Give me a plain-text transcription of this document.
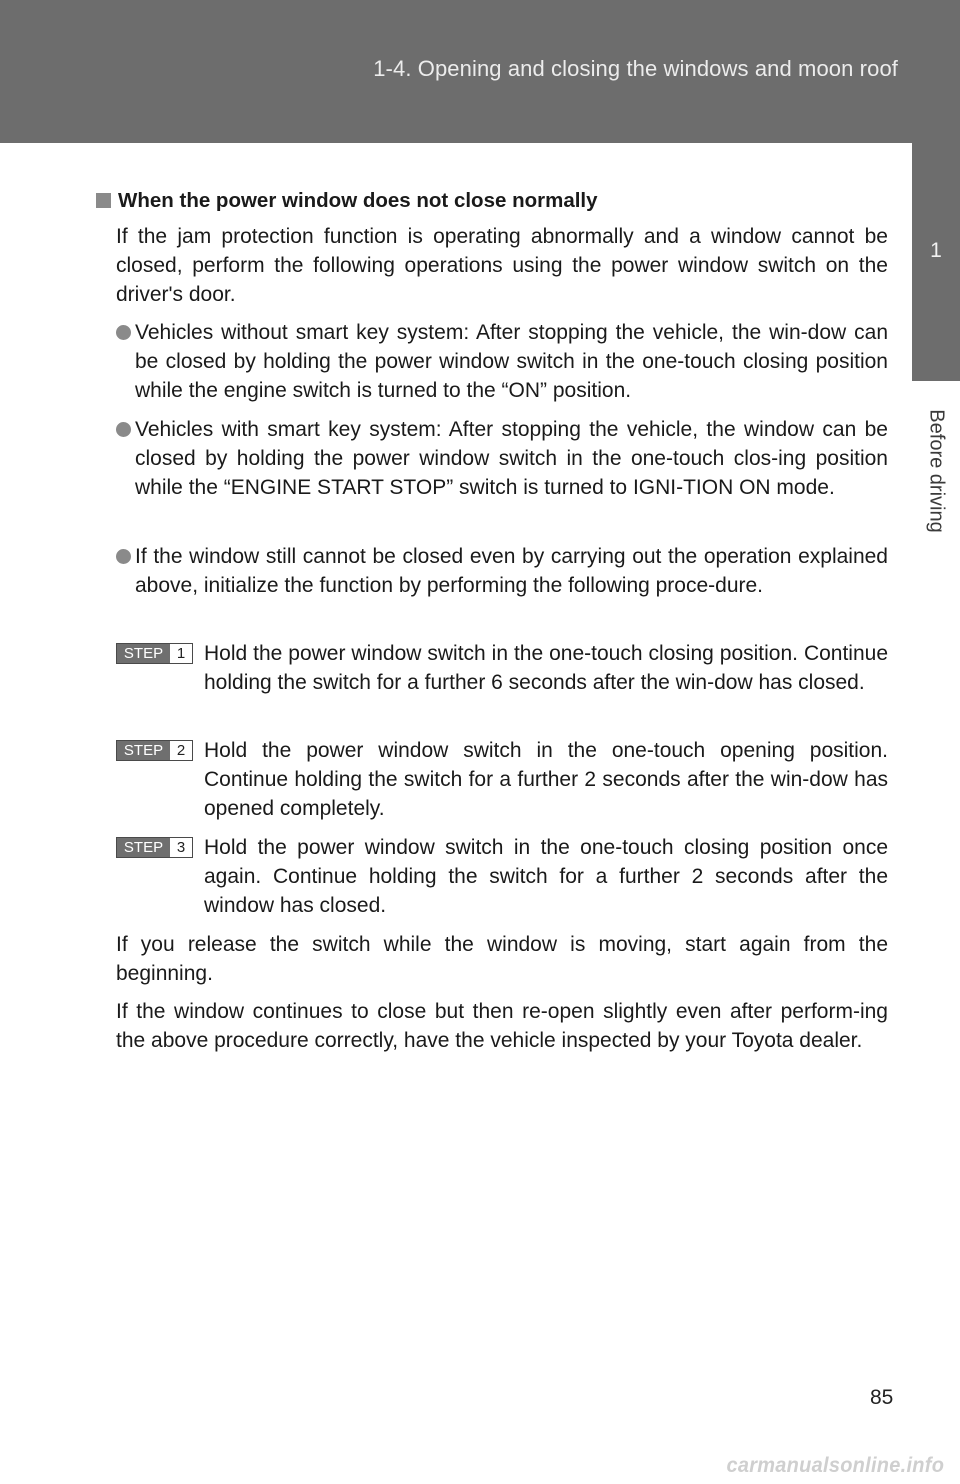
1-4. Opening and closing the windows and moon roof
1
Before driving
When the power window does not close normally
If the jam protection function is operating abnormally and a window cannot be closed, perform the following operations using the power window switch on the driver's door.
Vehicles without smart key system: After stopping the vehicle, the win-dow can be closed by holding the power window switch in the one-touch closing position while the engine switch is turned to the “ON” position.
Vehicles with smart key system: After stopping the vehicle, the window can be closed by holding the power window switch in the one-touch clos-ing position while the “ENGINE START STOP” switch is turned to IGNI-TION ON mode.
If the window still cannot be closed even by carrying out the operation explained above, initialize the function by performing the following proce-dure.
STEP 1 Hold the power window switch in the one-touch closing position. Continue holding the switch for a further 6 seconds after the win-dow has closed.
STEP 2 Hold the power window switch in the one-touch opening position. Continue holding the switch for a further 2 seconds after the win-dow has opened completely.
STEP 3 Hold the power window switch in the one-touch closing position once again. Continue holding the switch for a further 2 seconds after the window has closed.
If you release the switch while the window is moving, start again from the beginning.
If the window continues to close but then re-open slightly even after perform-ing the above procedure correctly, have the vehicle inspected by your Toyota dealer.
85
carmanualsonline.info
